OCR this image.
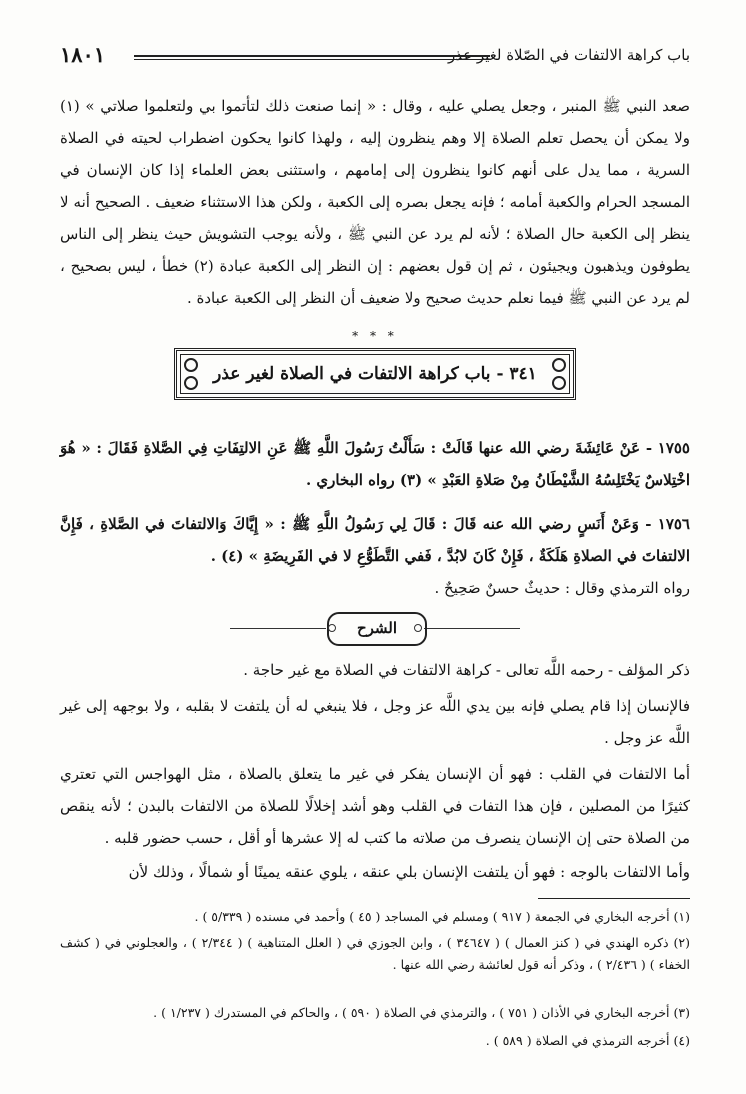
باب كراهة الالتفات في الصّلاة لغير عذر
١٨٠١
صعد النبي ﷺ المنبر ، وجعل يصلي عليه ، وقال : « إنما صنعت ذلك لتأتموا بي ولتعلموا صلاتي » (١) ولا يمكن أن يحصل تعلم الصلاة إلا وهم ينظرون إليه ، ولهذا كانوا يحكون اضطراب لحيته في الصلاة السرية ، مما يدل على أنهم كانوا ينظرون إلى إمامهم ، واستثنى بعض العلماء إذا كان الإنسان في المسجد الحرام والكعبة أمامه ؛ فإنه يجعل بصره إلى الكعبة ، ولكن هذا الاستثناء ضعيف . الصحيح أنه لا ينظر إلى الكعبة حال الصلاة ؛ لأنه لم يرد عن النبي ﷺ ، ولأنه يوجب التشويش حيث ينظر إلى الناس يطوفون ويذهبون ويجيئون ، ثم إن قول بعضهم : إن النظر إلى الكعبة عبادة (٢) خطأ ، ليس بصحيح ، لم يرد عن النبي ﷺ فيما نعلم حديث صحيح ولا ضعيف أن النظر إلى الكعبة عبادة .
* * *
٣٤١ - باب كراهة الالتفات في الصلاة لغير عذر
١٧٥٥ - عَنْ عَائِشَةَ رضي الله عنها قَالَتْ : سَأَلْتُ رَسُولَ اللَّهِ ﷺ عَنِ الالتِفَاتِ فِي الصَّلاةِ فَقَالَ : « هُوَ اخْتِلاسٌ يَخْتَلِسُهُ الشَّيْطَانُ مِنْ صَلاةِ العَبْدِ » (٣) رواه البخاري .
١٧٥٦ - وَعَنْ أَنَسٍ رضي الله عنه قَالَ : قَالَ لِي رَسُولُ اللَّهِ ﷺ : « إِيَّاكَ وَالالتفاتَ في الصَّلاةِ ، فَإِنَّ الالتفاتَ في الصلاةِ هَلَكَةٌ ، فَإِنْ كَانَ لابُدَّ ، فَفي التَّطَوُّعِ لا في الفَرِيضَةِ » (٤) .
رواه الترمذي وقال : حديثٌ حسنٌ صَحِيحٌ .
الشرح
ذكر المؤلف - رحمه اللَّه تعالى - كراهة الالتفات في الصلاة مع غير حاجة .
فالإنسان إذا قام يصلي فإنه بين يدي اللَّه عز وجل ، فلا ينبغي له أن يلتفت لا بقلبه ، ولا بوجهه إلى غير اللَّه عز وجل .
أما الالتفات في القلب : فهو أن الإنسان يفكر في غير ما يتعلق بالصلاة ، مثل الهواجس التي تعتري كثيرًا من المصلين ، فإن هذا التفات في القلب وهو أشد إخلالًا للصلاة من الالتفات بالبدن ؛ لأنه ينقص من الصلاة حتى إن الإنسان ينصرف من صلاته ما كتب له إلا عشرها أو أقل ، حسب حضور قلبه .
وأما الالتفات بالوجه : فهو أن يلتفت الإنسان بلي عنقه ، يلوي عنقه يمينًا أو شمالًا ، وذلك لأن
(١) أخرجه البخاري في الجمعة ( ٩١٧ ) ومسلم في المساجد ( ٤٥ ) وأحمد في مسنده ( ٥/٣٣٩ ) .
(٢) ذكره الهندي في ( كنز العمال ) ( ٣٤٦٤٧ ) ، وابن الجوزي في ( العلل المتناهية ) ( ٢/٣٤٤ ) ، والعجلوني في ( كشف الخفاء ) ( ٢/٤٣٦ ) ، وذكر أنه قول لعائشة رضي الله عنها .
(٣) أخرجه البخاري في الأذان ( ٧٥١ ) ، والترمذي في الصلاة ( ٥٩٠ ) ، والحاكم في المستدرك ( ١/٢٣٧ ) .
(٤) أخرجه الترمذي في الصلاة ( ٥٨٩ ) .
